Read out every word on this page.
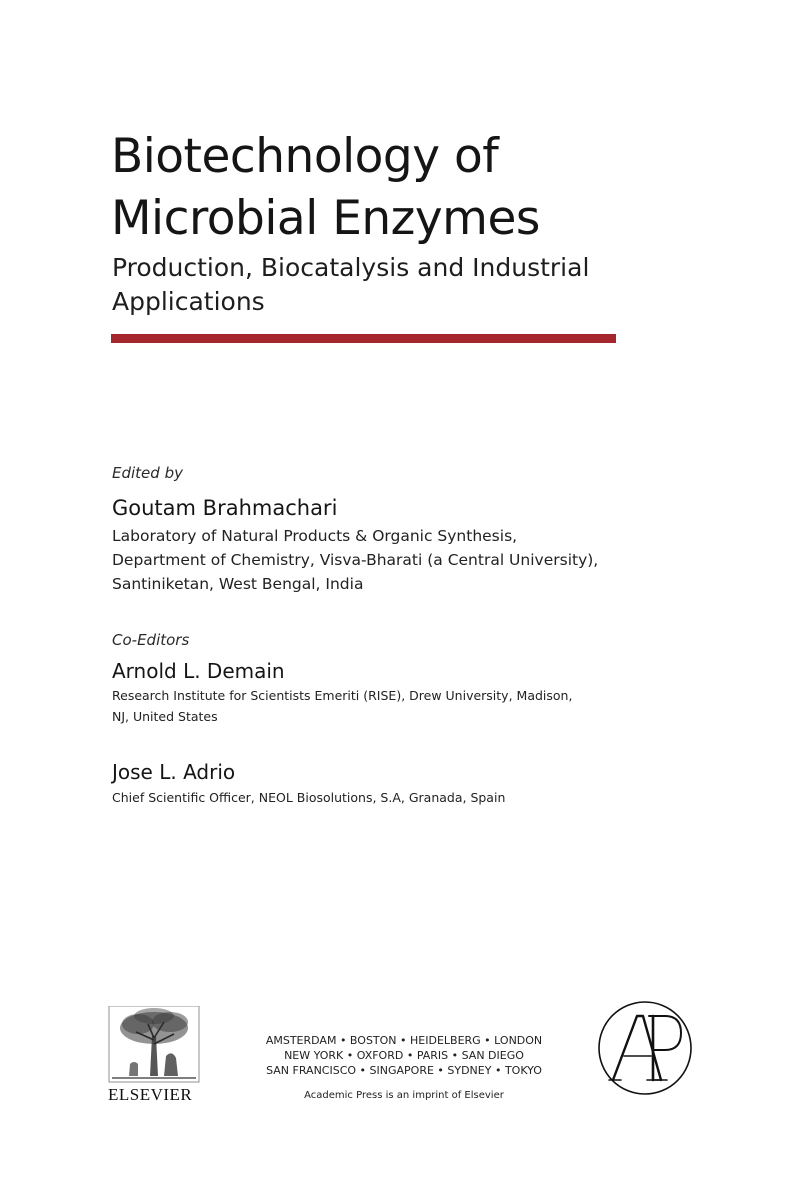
Biotechnology of
Microbial Enzymes
Production, Biocatalysis and Industrial
Applications
Edited by
Goutam Brahmachari
Laboratory of Natural Products & Organic Synthesis,
Department of Chemistry, Visva-Bharati (a Central University),
Santiniketan, West Bengal, India
Co-Editors
Arnold L. Demain
Research Institute for Scientists Emeriti (RISE), Drew University, Madison,
NJ, United States
Jose L. Adrio
Chief Scientific Officer, NEOL Biosolutions, S.A, Granada, Spain
ELSEVIER
AMSTERDAM • BOSTON • HEIDELBERG • LONDON
NEW YORK • OXFORD • PARIS • SAN DIEGO
SAN FRANCISCO • SINGAPORE • SYDNEY • TOKYO
Academic Press is an imprint of Elsevier
